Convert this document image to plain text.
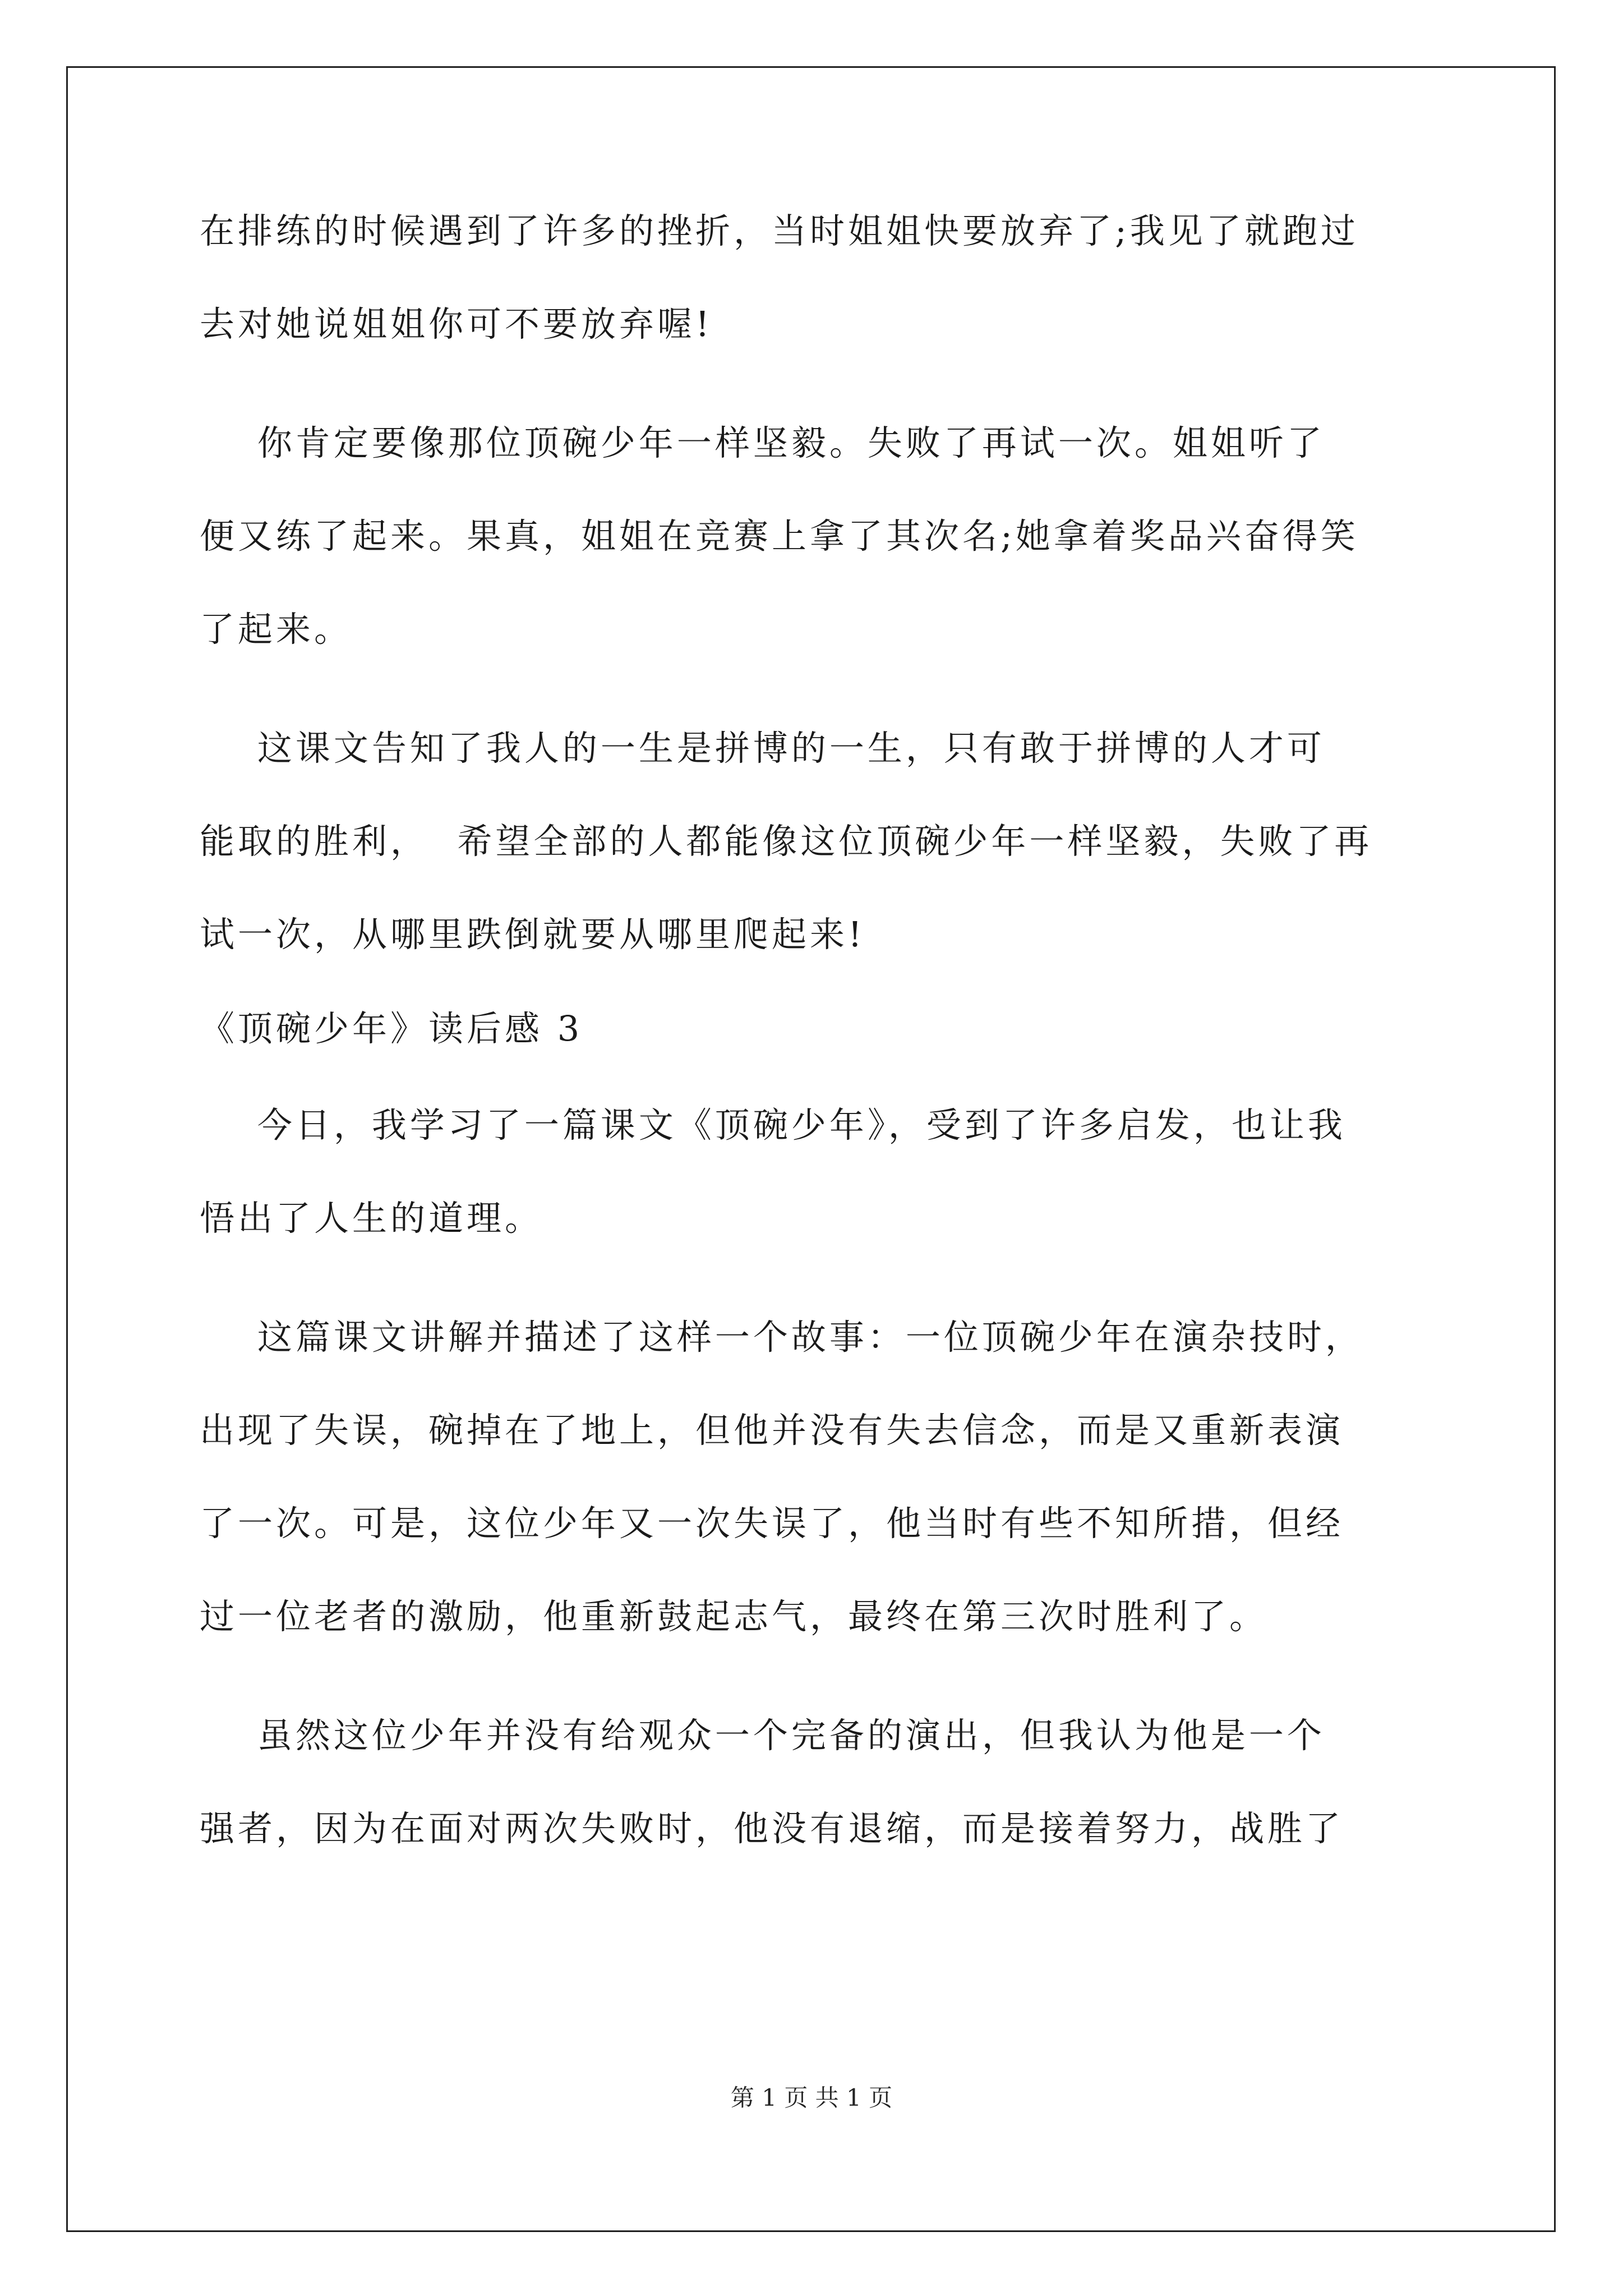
在排练的时候遇到了许多的挫折，当时姐姐快要放弃了;我见了就跑过
去对她说姐姐你可不要放弃喔!
你肯定要像那位顶碗少年一样坚毅。失败了再试一次。姐姐听了
便又练了起来。果真，姐姐在竞赛上拿了其次名;她拿着奖品兴奋得笑
了起来。
这课文告知了我人的一生是拼博的一生，只有敢于拼博的人才可
能取的胜利，  希望全部的人都能像这位顶碗少年一样坚毅，失败了再
试一次，从哪里跌倒就要从哪里爬起来!
《顶碗少年》读后感 3
今日，我学习了一篇课文《顶碗少年》，受到了许多启发，也让我
悟出了人生的道理。
这篇课文讲解并描述了这样一个故事：一位顶碗少年在演杂技时，
出现了失误，碗掉在了地上，但他并没有失去信念，而是又重新表演
了一次。可是，这位少年又一次失误了，他当时有些不知所措，但经
过一位老者的激励，他重新鼓起志气，最终在第三次时胜利了。
虽然这位少年并没有给观众一个完备的演出，但我认为他是一个
强者，因为在面对两次失败时，他没有退缩，而是接着努力，战胜了
第 1 页 共 1 页
